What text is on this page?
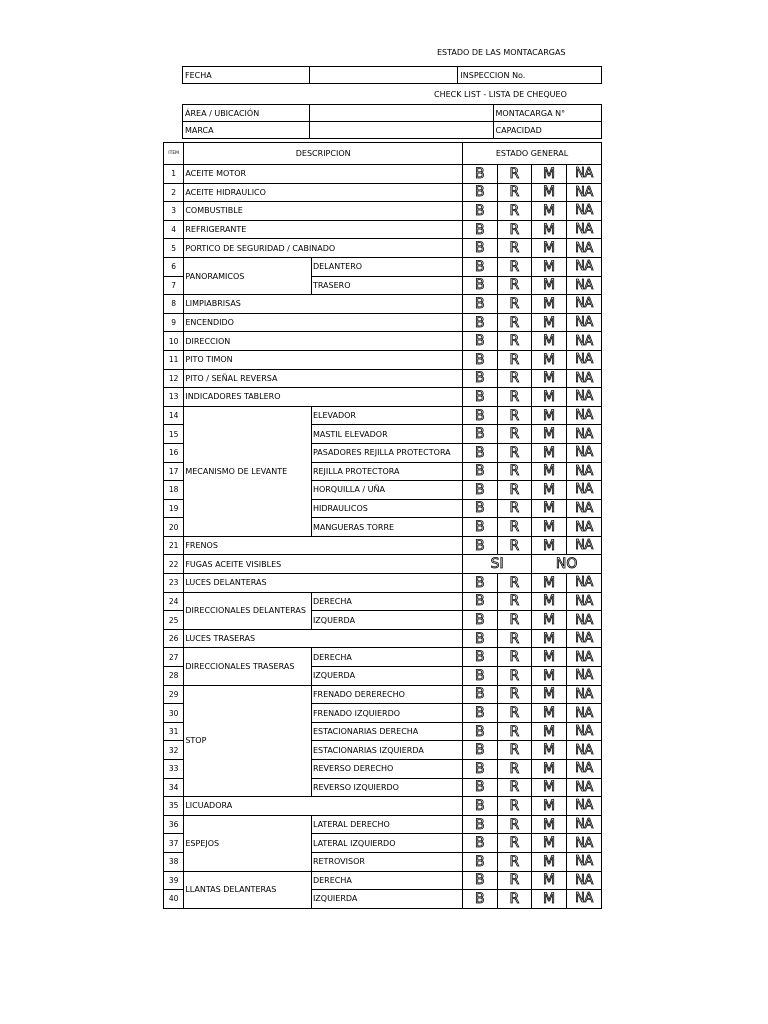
ESTADO DE LAS MONTACARGAS
FECHA		INSPECCION No.
CHECK LIST - LISTA DE CHEQUEO
ÁREA / UBICACIÓN		MONTACARGA N°
MARCA		CAPACIDAD
ITEM	DESCRIPCION		ESTADO GENERAL			
1	ACEITE MOTOR		B	R	M	NA
2	ACEITE HIDRAULICO		B	R	M	NA
3	COMBUSTIBLE		B	R	M	NA
4	REFRIGERANTE		B	R	M	NA
5	PORTICO DE SEGURIDAD / CABINADO		B	R	M	NA
6	PANORAMICOS	DELANTERO	B	R	M	NA
7		TRASERO	B	R	M	NA
8	LIMPIABRISAS		B	R	M	NA
9	ENCENDIDO		B	R	M	NA
10	DIRECCION		B	R	M	NA
11	PITO TIMON		B	R	M	NA
12	PITO / SEÑAL REVERSA		B	R	M	NA
13	INDICADORES TABLERO		B	R	M	NA
14	MECANISMO DE LEVANTE	ELEVADOR	B	R	M	NA
15		MASTIL ELEVADOR	B	R	M	NA
16		PASADORES REJILLA PROTECTORA	B	R	M	NA
17		REJILLA PROTECTORA	B	R	M	NA
18		HORQUILLA / UÑA	B	R	M	NA
19		HIDRAULICOS	B	R	M	NA
20		MANGUERAS TORRE	B	R	M	NA
21	FRENOS		B	R	M	NA
22	FUGAS ACEITE VISIBLES		SI		NO	
23	LUCES DELANTERAS		B	R	M	NA
24	DIRECCIONALES DELANTERAS	DERECHA	B	R	M	NA
25		IZQUERDA	B	R	M	NA
26	LUCES TRASERAS		B	R	M	NA
27	DIRECCIONALES TRASERAS	DERECHA	B	R	M	NA
28		IZQUERDA	B	R	M	NA
29	STOP	FRENADO DERERECHO	B	R	M	NA
30		FRENADO IZQUIERDO	B	R	M	NA
31		ESTACIONARIAS DERECHA	B	R	M	NA
32		ESTACIONARIAS IZQUIERDA	B	R	M	NA
33		REVERSO DERECHO	B	R	M	NA
34		REVERSO IZQUIERDO	B	R	M	NA
35	LICUADORA		B	R	M	NA
36	ESPEJOS	LATERAL DERECHO	B	R	M	NA
37		LATERAL IZQUIERDO	B	R	M	NA
38		RETROVISOR	B	R	M	NA
39	LLANTAS DELANTERAS	DERECHA	B	R	M	NA
40		IZQUIERDA	B	R	M	NA
